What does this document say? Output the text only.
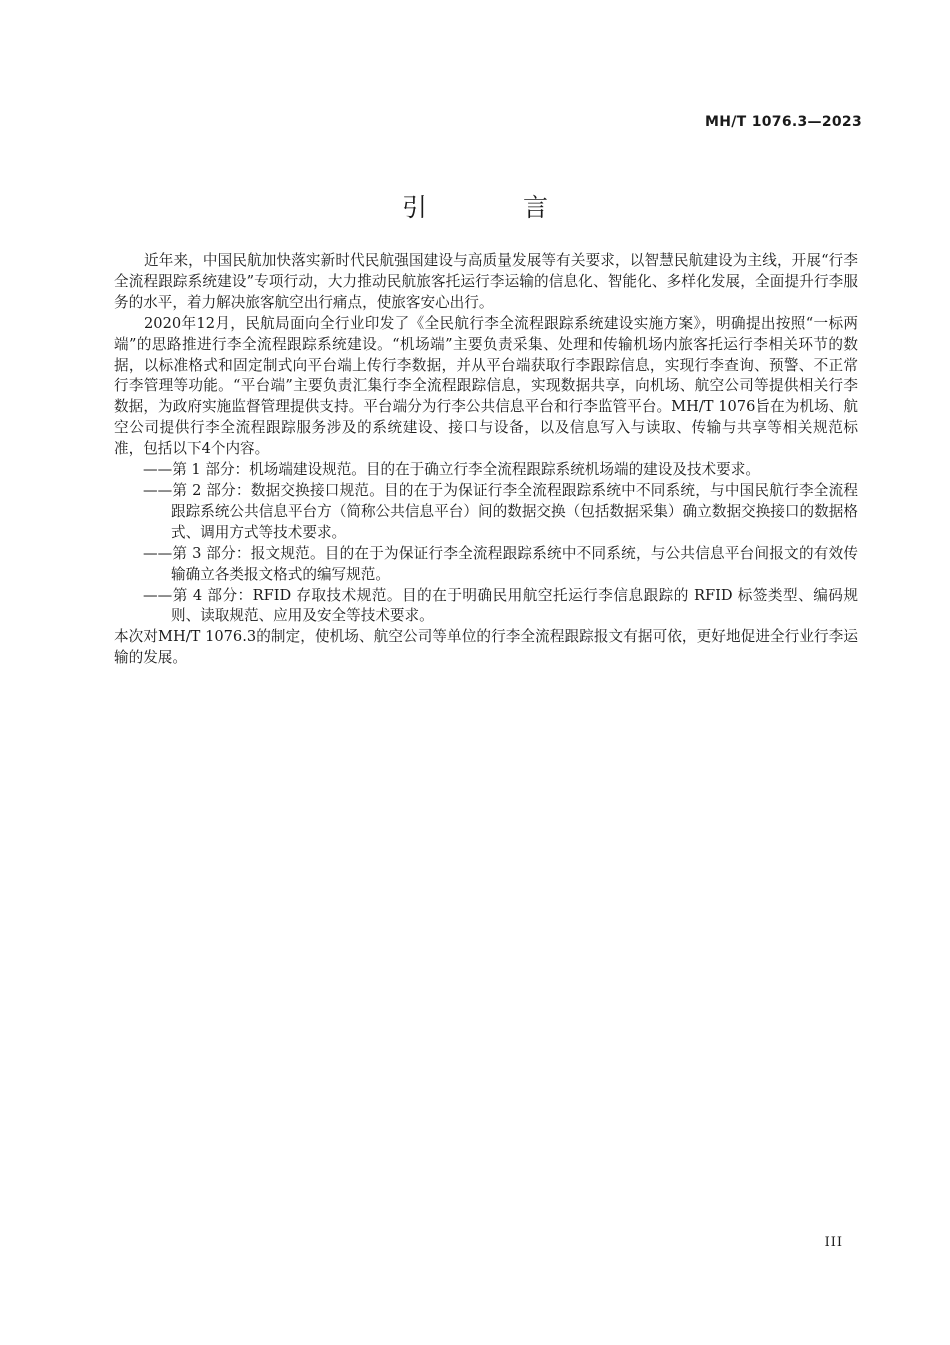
MH/T 1076.3—2023
引 言

近年来，中国民航加快落实新时代民航强国建设与高质量发展等有关要求，以智慧民航建设为主线，开展“行李全流程跟踪系统建设”专项行动，大力推动民航旅客托运行李运输的信息化、智能化、多样化发展，全面提升行李服务的水平，着力解决旅客航空出行痛点，使旅客安心出行。

2020年12月，民航局面向全行业印发了《全民航行李全流程跟踪系统建设实施方案》，明确提出按照“一标两端”的思路推进行李全流程跟踪系统建设。“机场端”主要负责采集、处理和传输机场内旅客托运行李相关环节的数据，以标准格式和固定制式向平台端上传行李数据，并从平台端获取行李跟踪信息，实现行李查询、预警、不正常行李管理等功能。“平台端”主要负责汇集行李全流程跟踪信息，实现数据共享，向机场、航空公司等提供相关行李数据，为政府实施监督管理提供支持。平台端分为行李公共信息平台和行李监管平台。MH/T 1076旨在为机场、航空公司提供行李全流程跟踪服务涉及的系统建设、接口与设备，以及信息写入与读取、传输与共享等相关规范标准，包括以下4个内容。

——第 1 部分：机场端建设规范。目的在于确立行李全流程跟踪系统机场端的建设及技术要求。

——第 2 部分：数据交换接口规范。目的在于为保证行李全流程跟踪系统中不同系统，与中国民航行李全流程跟踪系统公共信息平台方（简称公共信息平台）间的数据交换（包括数据采集）确立数据交换接口的数据格式、调用方式等技术要求。

——第 3 部分：报文规范。目的在于为保证行李全流程跟踪系统中不同系统，与公共信息平台间报文的有效传输确立各类报文格式的编写规范。

——第 4 部分：RFID 存取技术规范。目的在于明确民用航空托运行李信息跟踪的 RFID 标签类型、编码规则、读取规范、应用及安全等技术要求。

本次对MH/T 1076.3的制定，使机场、航空公司等单位的行李全流程跟踪报文有据可依，更好地促进全行业行李运输的发展。

III
